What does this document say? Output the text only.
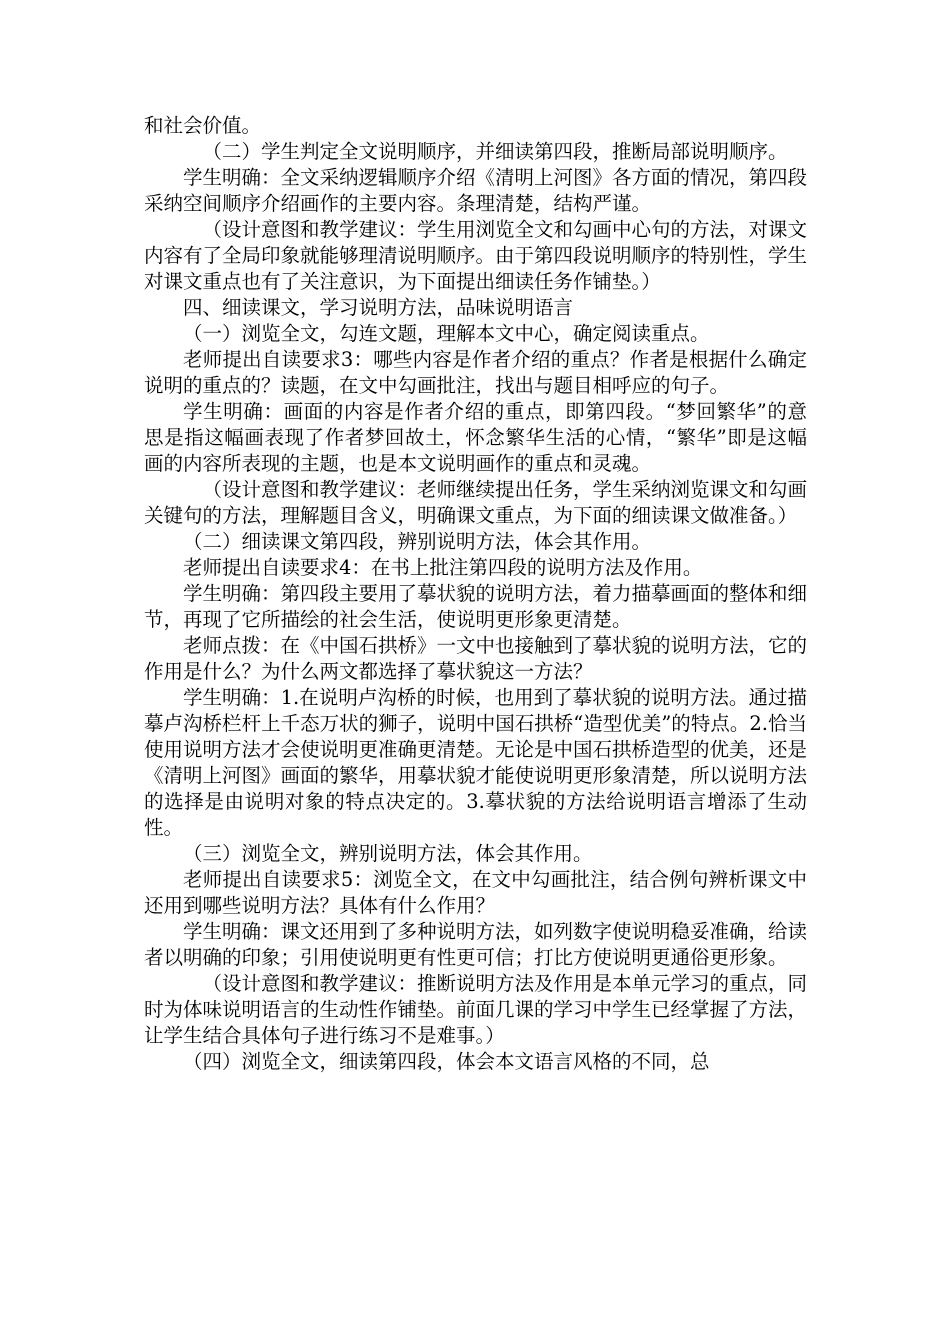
和社会价值。

（二）学生判定全文说明顺序，并细读第四段，推断局部说明顺序。

学生明确：全文采纳逻辑顺序介绍《清明上河图》各方面的情况，第四段采纳空间顺序介绍画作的主要内容。条理清楚，结构严谨。

（设计意图和教学建议：学生用浏览全文和勾画中心句的方法，对课文内容有了全局印象就能够理清说明顺序。由于第四段说明顺序的特别性，学生对课文重点也有了关注意识，为下面提出细读任务作铺垫。）

四、细读课文，学习说明方法，品味说明语言

（一）浏览全文，勾连文题，理解本文中心，确定阅读重点。

老师提出自读要求3：哪些内容是作者介绍的重点？作者是根据什么确定说明的重点的？读题，在文中勾画批注，找出与题目相呼应的句子。

学生明确：画面的内容是作者介绍的重点，即第四段。“梦回繁华”的意思是指这幅画表现了作者梦回故土，怀念繁华生活的心情，“繁华”即是这幅画的内容所表现的主题，也是本文说明画作的重点和灵魂。

（设计意图和教学建议：老师继续提出任务，学生采纳浏览课文和勾画关键句的方法，理解题目含义，明确课文重点，为下面的细读课文做准备。）

（二）细读课文第四段，辨别说明方法，体会其作用。

老师提出自读要求4：在书上批注第四段的说明方法及作用。

学生明确：第四段主要用了摹状貌的说明方法，着力描摹画面的整体和细节，再现了它所描绘的社会生活，使说明更形象更清楚。

老师点拨：在《中国石拱桥》一文中也接触到了摹状貌的说明方法，它的作用是什么？为什么两文都选择了摹状貌这一方法？

学生明确：1.在说明卢沟桥的时候，也用到了摹状貌的说明方法。通过描摹卢沟桥栏杆上千态万状的狮子，说明中国石拱桥“造型优美”的特点。2.恰当使用说明方法才会使说明更准确更清楚。无论是中国石拱桥造型的优美，还是《清明上河图》画面的繁华，用摹状貌才能使说明更形象清楚，所以说明方法的选择是由说明对象的特点决定的。3.摹状貌的方法给说明语言增添了生动性。

（三）浏览全文，辨别说明方法，体会其作用。

老师提出自读要求5：浏览全文，在文中勾画批注，结合例句辨析课文中还用到哪些说明方法？具体有什么作用？

学生明确：课文还用到了多种说明方法，如列数字使说明稳妥准确，给读者以明确的印象；引用使说明更有性更可信；打比方使说明更通俗更形象。

（设计意图和教学建议：推断说明方法及作用是本单元学习的重点，同时为体味说明语言的生动性作铺垫。前面几课的学习中学生已经掌握了方法，让学生结合具体句子进行练习不是难事。）

（四）浏览全文，细读第四段，体会本文语言风格的不同，总
